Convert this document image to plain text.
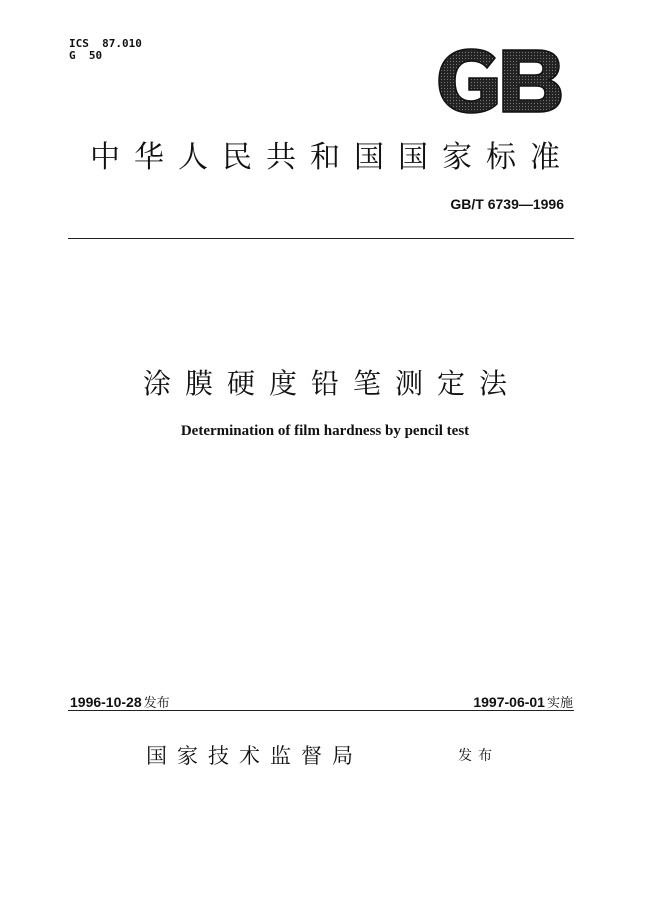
ICS  87.010
G  50
中华人民共和国国家标准
GB/T 6739—1996
涂膜硬度铅笔测定法
Determination of film hardness by pencil test
1996-10-28 发布	1997-06-01 实施
国家技术监督局	发布
